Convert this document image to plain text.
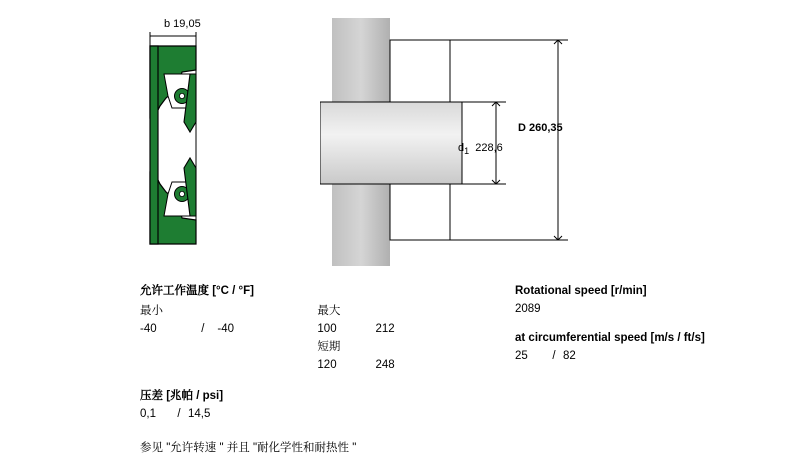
b 19,05
$d_1$ 228,6
D 260,35
允许工作温度 [°C / °F]
最小			最大	
-40	/	-40	100	212
			短期	
			120	248
压差 [兆帕 / psi]
0,1	/ 14,5
参见 "允许转速 " 并且 "耐化学性和耐热性 "
Rotational speed [r/min]
2089
at circumferential speed [m/s / ft/s]
25	/ 82
